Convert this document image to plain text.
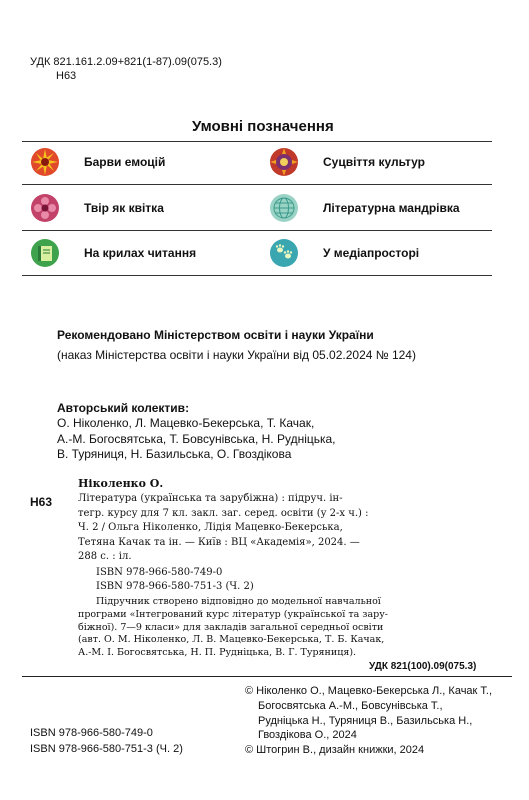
УДК 821.161.2.09+821(1-87).09(075.3)
Н63
Умовні позначення
Барви емоцій	Суцвіття культур
Твір як квітка	Літературна мандрівка
На крилах читання	У медіапросторі
Рекомендовано Міністерством освіти і науки України
(наказ Міністерства освіти і науки України від 05.02.2024 № 124)
Авторський колектив:
О. Ніколенко, Л. Мацевко-Бекерська, Т. Качак,
А.-М. Богосвятська, Т. Бовсунівська, Н. Рудніцька,
В. Туряниця, Н. Базильська, О. Гвоздікова
Н63
Ніколенко О.
Література (українська та зарубіжна) : підруч. ін-
тегр. курсу для 7 кл. закл. заг. серед. освіти (у 2-х ч.) :
Ч. 2 / Ольга Ніколенко, Лідія Мацевко-Бекерська,
Тетяна Качак та ін. — Київ : ВЦ «Академія», 2024. —
288 с. : іл.
ISBN 978-966-580-749-0
ISBN 978-966-580-751-3 (Ч. 2)
Підручник створено відповідно до модельної навчальної
програми «Інтегрований курс літератур (української та зару-
біжної). 7—9 класи» для закладів загальної середньої освіти
(авт. О. М. Ніколенко, Л. В. Мацевко-Бекерська, Т. Б. Качак,
А.-М. І. Богосвятська, Н. П. Рудніцька, В. Г. Туряниця).
УДК 821(100).09(075.3)
© Ніколенко О., Мацевко-Бекерська Л., Качак Т.,
Богосвятська А.-М., Бовсунівська Т.,
Рудніцька Н., Туряниця В., Базильська Н.,
Гвоздікова О., 2024
© Штогрин В., дизайн книжки, 2024
ISBN 978-966-580-749-0
ISBN 978-966-580-751-3 (Ч. 2)
